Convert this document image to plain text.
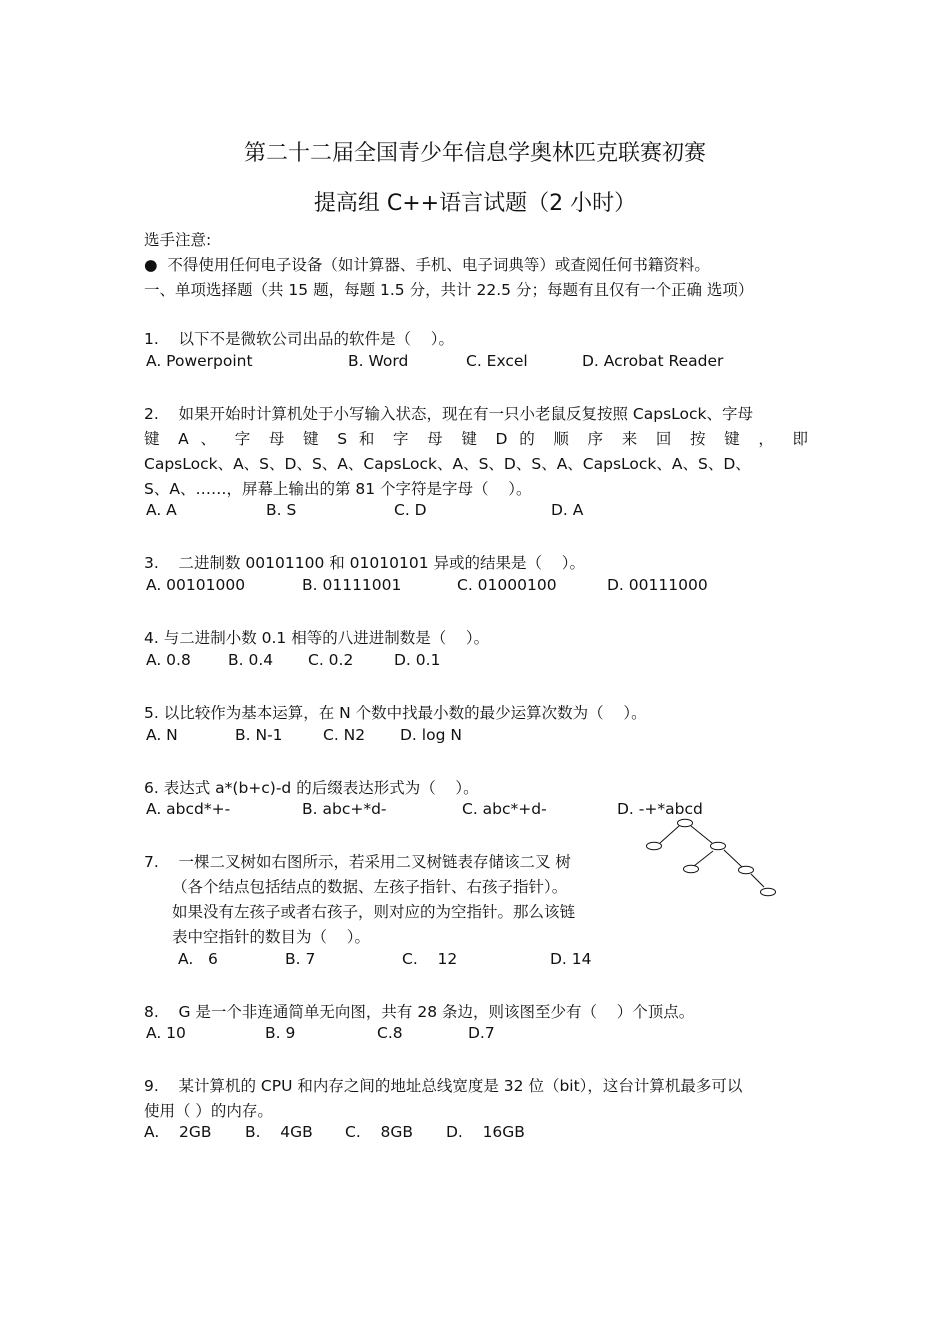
第二十二届全国青少年信息学奥林匹克联赛初赛
提高组 C++语言试题（2 小时）
选手注意:
●  不得使用任何电子设备（如计算器、手机、电子词典等）或查阅任何书籍资料。
一、单项选择题（共 15 题，每题 1.5 分，共计 22.5 分；每题有且仅有一个正确 选项）
1.    以下不是微软公司出品的软件是（    ）。
A. Powerpoint	B. Word	C. Excel	D. Acrobat Reader
2.    如果开始时计算机处于小写输入状态，现在有一只小老鼠反复按照 CapsLock、字母
键 A 、 字 母 键 S 和 字 母 键 D 的 顺 序 来 回 按 键 ， 即
CapsLock、A、S、D、S、A、CapsLock、A、S、D、S、A、CapsLock、A、S、D、
S、A、……，屏幕上输出的第 81 个字符是字母（    ）。
A. A	B. S	C. D	D. A
3.    二进制数 00101100 和 01010101 异或的结果是（    ）。
A. 00101000	B. 01111001	C. 01000100	D. 00111000
4. 与二进制小数 0.1 相等的八进进制数是（    ）。
A. 0.8 B. 0.4 C. 0.2	D. 0.1
5. 以比较作为基本运算，在 N 个数中找最小数的最少运算次数为（    ）。
A. N	B. N-1	C. N2 D. log N
6. 表达式 a*(b+c)-d 的后缀表达形式为（    ）。
A. abcd*+-	B. abc+*d-	C. abc*+d-	D. -+*abcd
7.    一棵二叉树如右图所示，若采用二叉树链表存储该二叉 树
（各个结点包括结点的数据、左孩子指针、右孩子指针）。
如果没有左孩子或者右孩子，则对应的为空指针。那么该链
表中空指针的数目为（    ）。
A.   6	B. 7	C.    12	D. 14
8.    G 是一个非连通简单无向图，共有 28 条边，则该图至少有（    ）个顶点。
A. 10	B. 9	C.8	D.7
9.    某计算机的 CPU 和内存之间的地址总线宽度是 32 位（bit），这台计算机最多可以
使用（ ）的内存。
A.    2GB B.    4GB C.    8GB D.    16GB
